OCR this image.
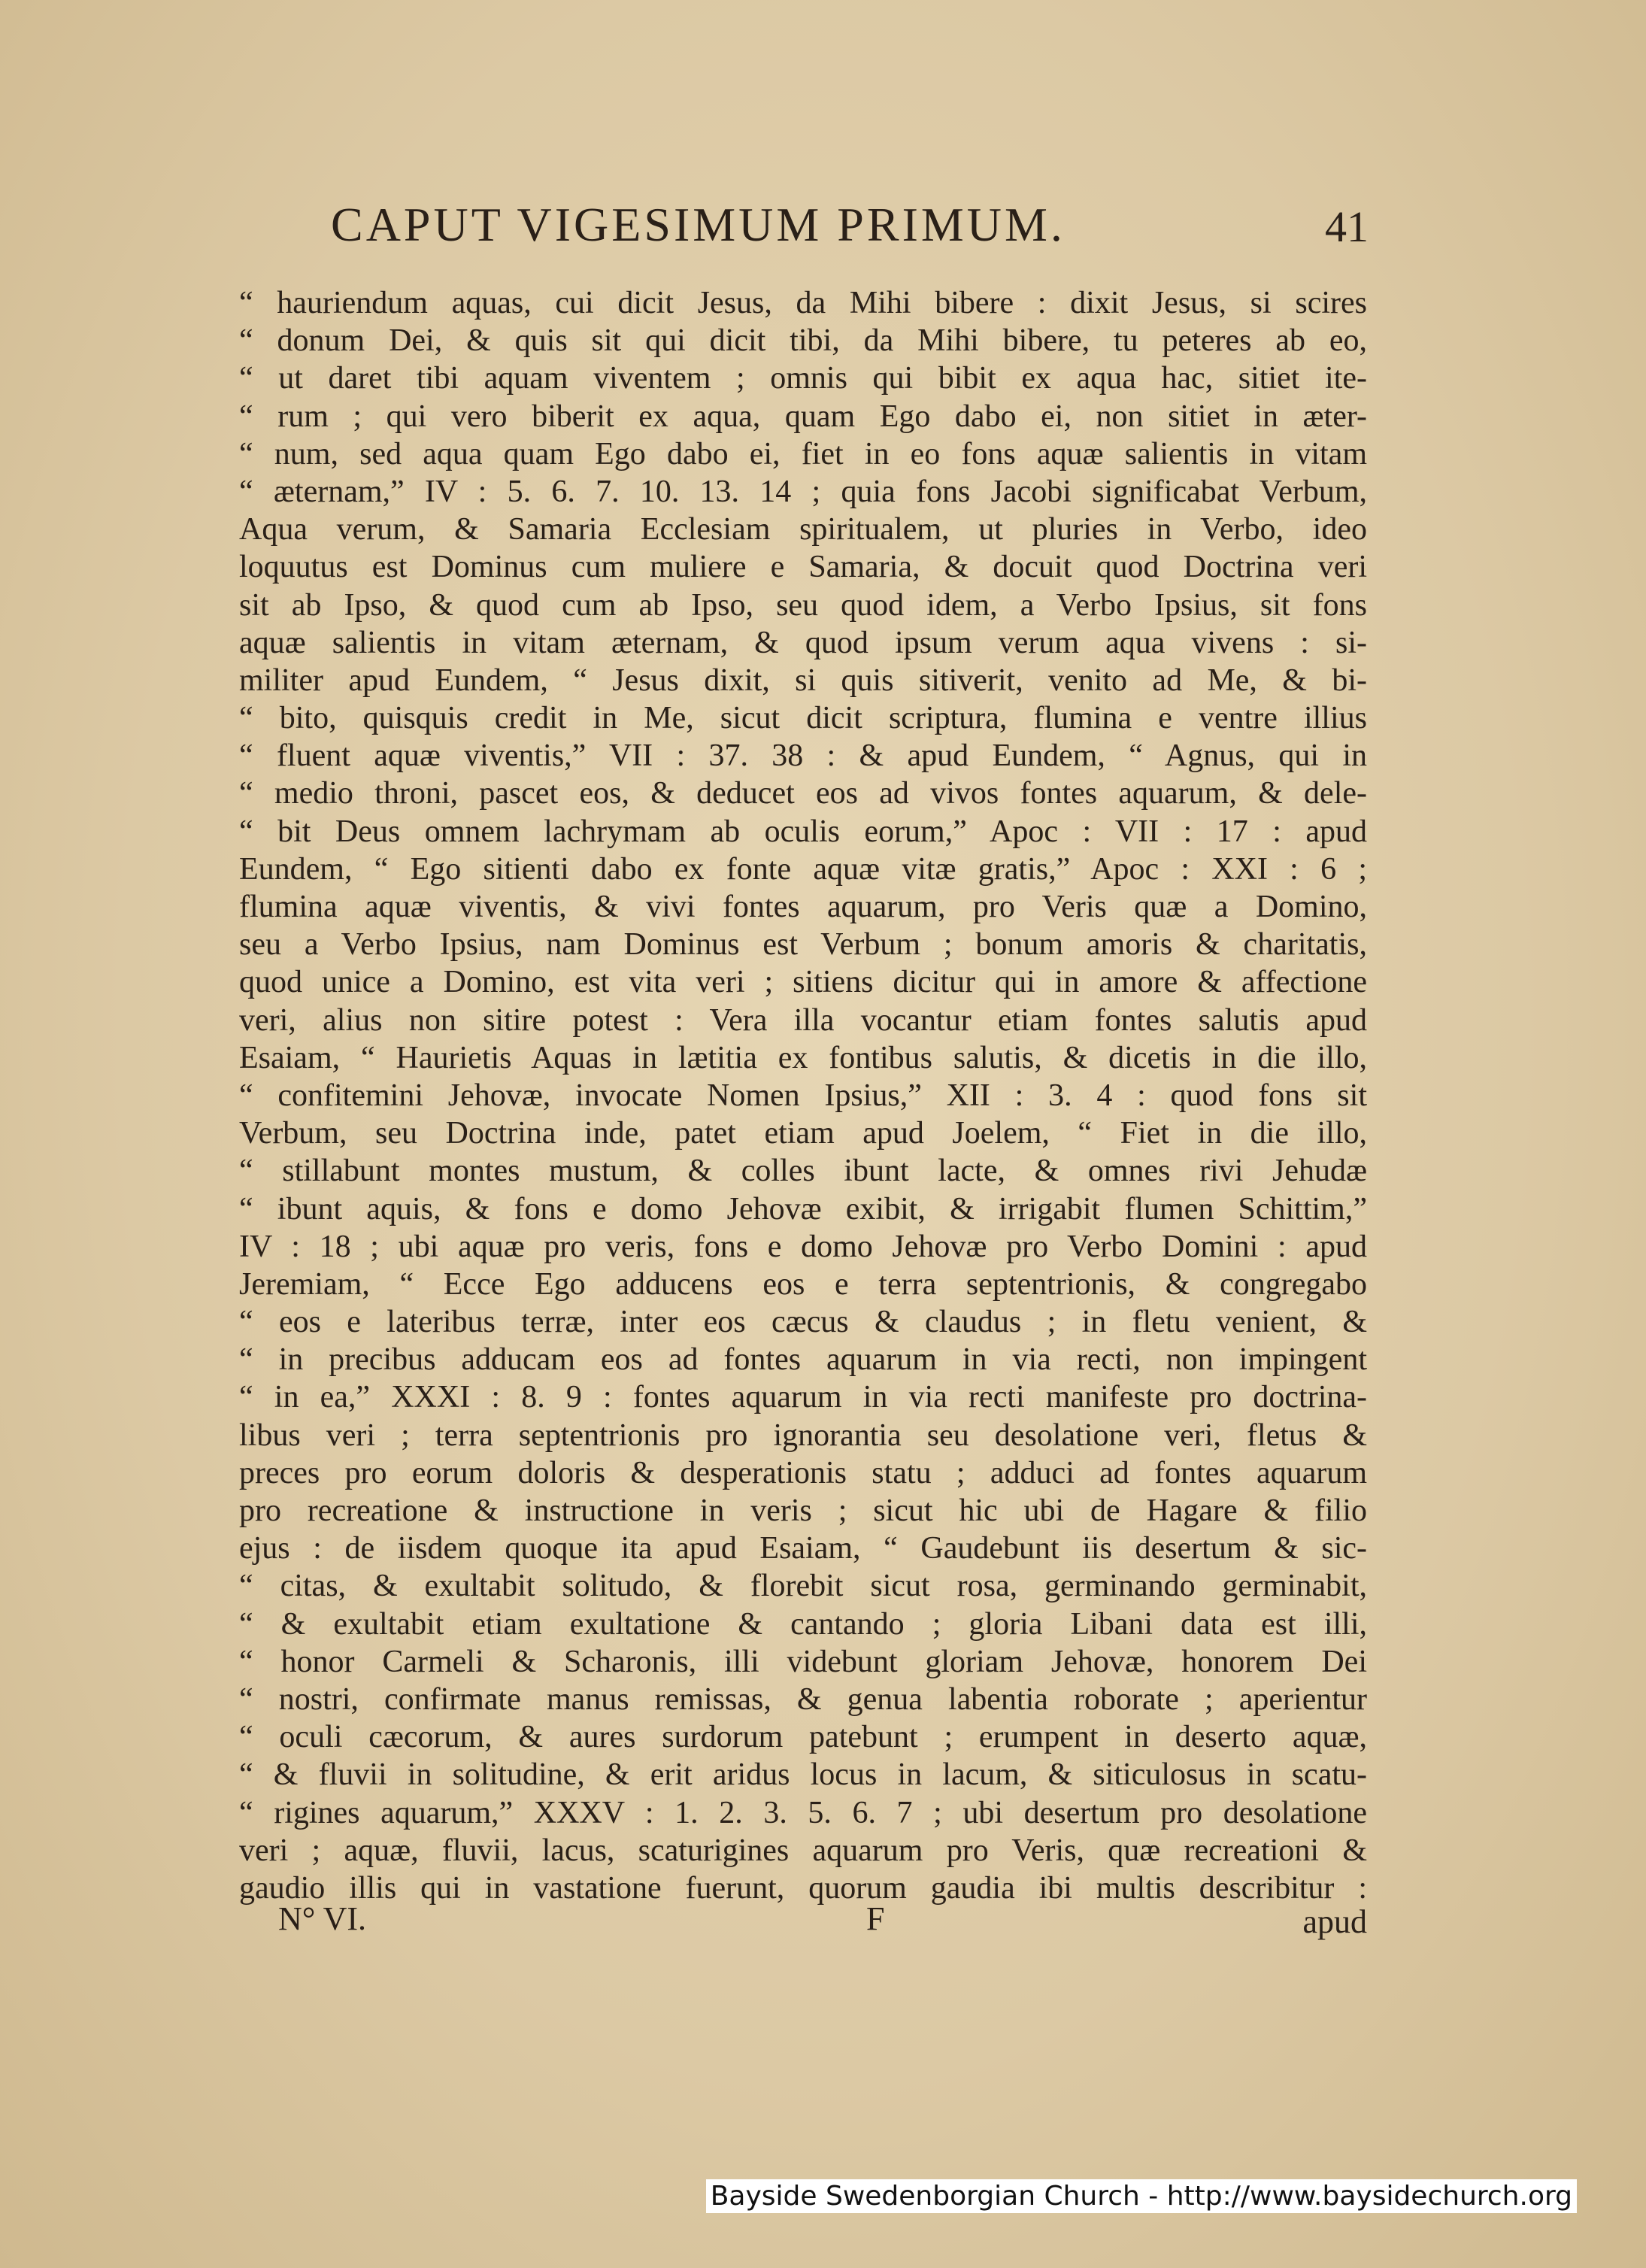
CAPUT VIGESIMUM PRIMUM.	41
“ hauriendum aquas, cui dicit Jesus, da Mihi bibere : dixit Jesus, si scires
“ donum Dei, & quis sit qui dicit tibi, da Mihi bibere, tu peteres ab eo,
“ ut daret tibi aquam viventem ; omnis qui bibit ex aqua hac, sitiet ite-
“ rum ; qui vero biberit ex aqua, quam Ego dabo ei, non sitiet in æter-
“ num, sed aqua quam Ego dabo ei, fiet in eo fons aquæ salientis in vitam
“ æternam,” IV : 5. 6. 7. 10. 13. 14 ; quia fons Jacobi significabat Verbum,
Aqua verum, & Samaria Ecclesiam spiritualem, ut pluries in Verbo, ideo
loquutus est Dominus cum muliere e Samaria, & docuit quod Doctrina veri
sit ab Ipso, & quod cum ab Ipso, seu quod idem, a Verbo Ipsius, sit fons
aquæ salientis in vitam æternam, & quod ipsum verum aqua vivens : si-
militer apud Eundem, “ Jesus dixit, si quis sitiverit, venito ad Me, & bi-
“ bito, quisquis credit in Me, sicut dicit scriptura, flumina e ventre illius
“ fluent aquæ viventis,” VII : 37. 38 : & apud Eundem, “ Agnus, qui in
“ medio throni, pascet eos, & deducet eos ad vivos fontes aquarum, & dele-
“ bit Deus omnem lachrymam ab oculis eorum,” Apoc : VII : 17 : apud
Eundem, “ Ego sitienti dabo ex fonte aquæ vitæ gratis,” Apoc : XXI : 6 ;
flumina aquæ viventis, & vivi fontes aquarum, pro Veris quæ a Domino,
seu a Verbo Ipsius, nam Dominus est Verbum ; bonum amoris & charitatis,
quod unice a Domino, est vita veri ; sitiens dicitur qui in amore & affectione
veri, alius non sitire potest : Vera illa vocantur etiam fontes salutis apud
Esaiam, “ Haurietis Aquas in lætitia ex fontibus salutis, & dicetis in die illo,
“ confitemini Jehovæ, invocate Nomen Ipsius,” XII : 3. 4 : quod fons sit
Verbum, seu Doctrina inde, patet etiam apud Joelem, “ Fiet in die illo,
“ stillabunt montes mustum, & colles ibunt lacte, & omnes rivi Jehudæ
“ ibunt aquis, & fons e domo Jehovæ exibit, & irrigabit flumen Schittim,”
IV : 18 ; ubi aquæ pro veris, fons e domo Jehovæ pro Verbo Domini : apud
Jeremiam, “ Ecce Ego adducens eos e terra septentrionis, & congregabo
“ eos e lateribus terræ, inter eos cæcus & claudus ; in fletu venient, &
“ in precibus adducam eos ad fontes aquarum in via recti, non impingent
“ in ea,” XXXI : 8. 9 : fontes aquarum in via recti manifeste pro doctrina-
libus veri ; terra septentrionis pro ignorantia seu desolatione veri, fletus &
preces pro eorum doloris & desperationis statu ; adduci ad fontes aquarum
pro recreatione & instructione in veris ; sicut hic ubi de Hagare & filio
ejus : de iisdem quoque ita apud Esaiam, “ Gaudebunt iis desertum & sic-
“ citas, & exultabit solitudo, & florebit sicut rosa, germinando germinabit,
“ & exultabit etiam exultatione & cantando ; gloria Libani data est illi,
“ honor Carmeli & Scharonis, illi videbunt gloriam Jehovæ, honorem Dei
“ nostri, confirmate manus remissas, & genua labentia roborate ; aperientur
“ oculi cæcorum, & aures surdorum patebunt ; erumpent in deserto aquæ,
“ & fluvii in solitudine, & erit aridus locus in lacum, & siticulosus in scatu-
“ rigines aquarum,” XXXV : 1. 2. 3. 5. 6. 7 ; ubi desertum pro desolatione
veri ; aquæ, fluvii, lacus, scaturigines aquarum pro Veris, quæ recreationi &
gaudio illis qui in vastatione fuerunt, quorum gaudia ibi multis describitur :
N° VI.	F	apud
Bayside Swedenborgian Church - http://www.baysidechurch.org
